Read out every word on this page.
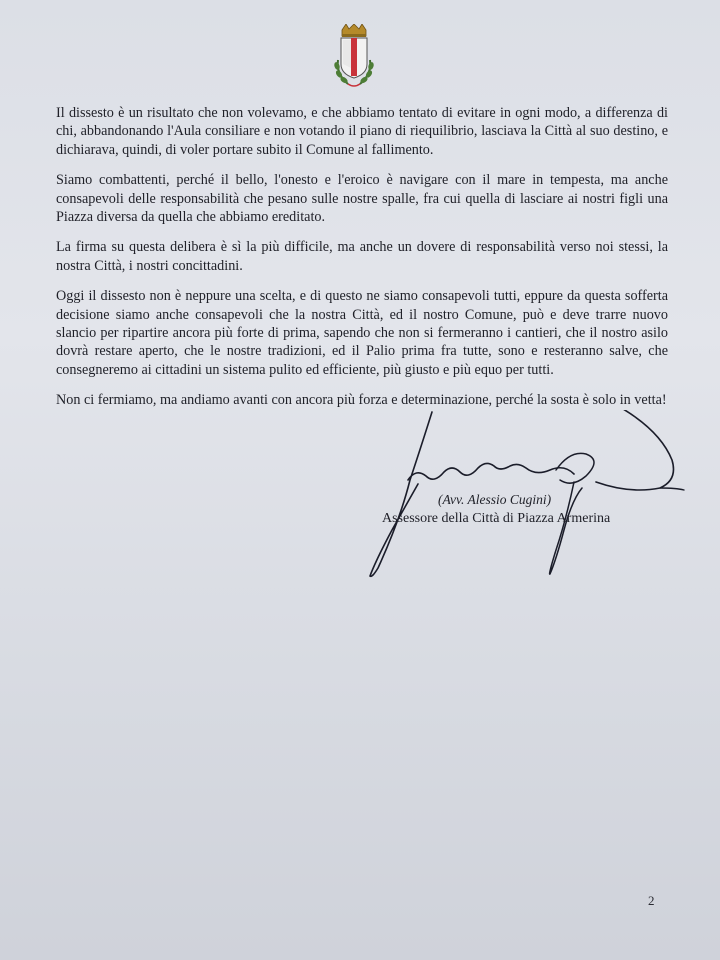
Il dissesto è un risultato che non volevamo, e che abbiamo tentato di evitare in ogni modo, a differenza di chi, abbandonando l'Aula consiliare e non votando il piano di riequilibrio, lasciava la Città al suo destino, e dichiarava, quindi, di voler portare subito il Comune al fallimento.

Siamo combattenti, perché il bello, l'onesto e l'eroico è navigare con il mare in tempesta, ma anche consapevoli delle responsabilità che pesano sulle nostre spalle, fra cui quella di lasciare ai nostri figli una Piazza diversa da quella che abbiamo ereditato.

La firma su questa delibera è sì la più difficile, ma anche un dovere di responsabilità verso noi stessi, la nostra Città, i nostri concittadini.

Oggi il dissesto non è neppure una scelta, e di questo ne siamo consapevoli tutti, eppure da questa sofferta decisione siamo anche consapevoli che la nostra Città, ed il nostro Comune, può e deve trarre nuovo slancio per ripartire ancora più forte di prima, sapendo che non si fermeranno i cantieri, che il nostro asilo dovrà restare aperto, che le nostre tradizioni, ed il Palio prima fra tutte, sono e resteranno salve, che consegneremo ai cittadini un sistema pulito ed efficiente, più giusto e più equo per tutti.

Non ci fermiamo, ma andiamo avanti con ancora più forza e determinazione, perché la sosta è solo in vetta!

(Avv. Alessio Cugini)
Assessore della Città di Piazza Armerina
2
